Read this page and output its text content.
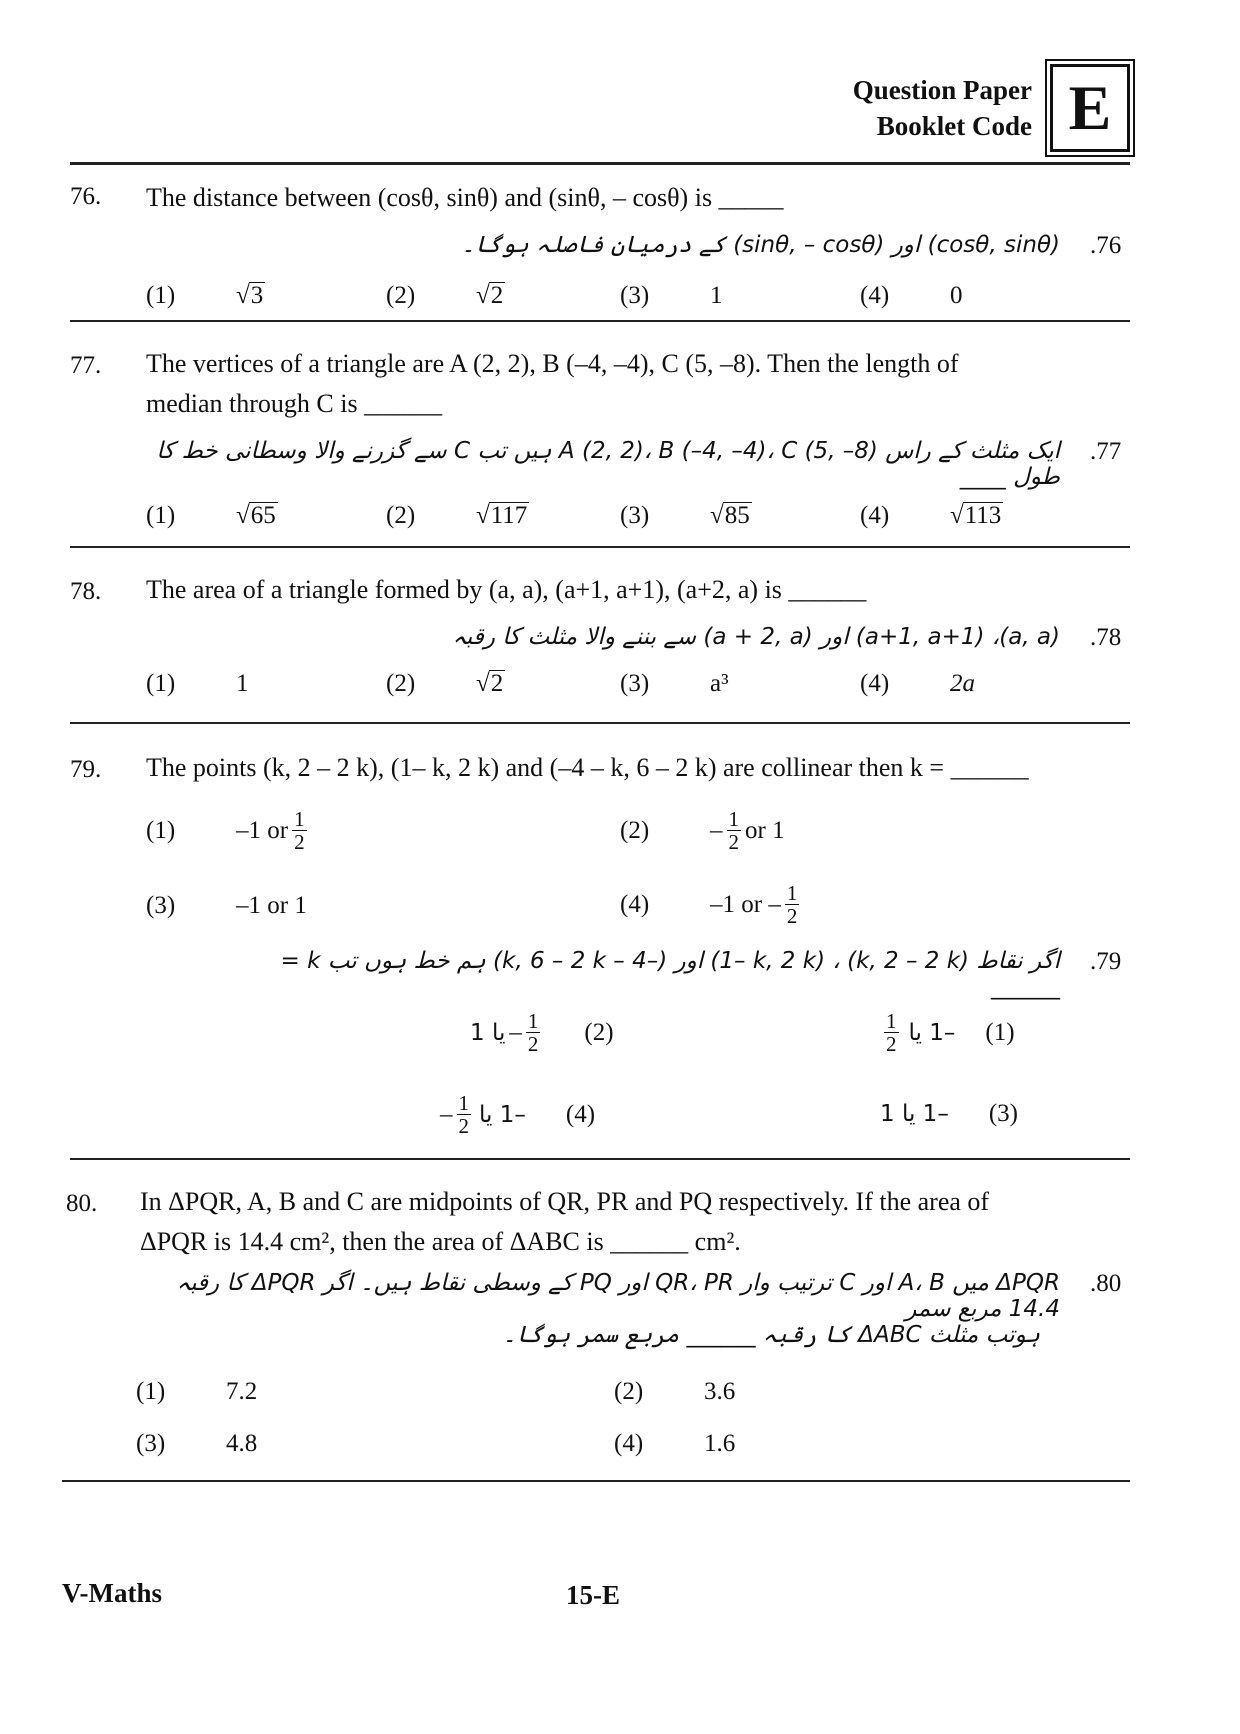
Question Paper
Booklet Code E
76. The distance between (cosθ, sinθ) and (sinθ, – cosθ) is _____
(cosθ, sinθ) اور (sinθ, – cosθ) کے درمیان فاصلہ ہوگا۔ .76
(1)	√ 3	(2)	√ 2	(3)	1	(4)	0
77. The vertices of a triangle are A (2, 2), B (–4, –4), C (5, –8). Then the length of
median through C is ______
ایک مثلث کے راس A (2, 2)، B (–4, –4)، C (5, –8) ہیں تب C سے گزرنے والا وسطانی خط کا طول ____
.77
(1)	√ 65	(2)	√ 117	(3)	√ 85	(4)	√ 113
78. The area of a triangle formed by (a, a), (a+1, a+1), (a+2, a) is ______
(a, a)، (a+1, a+1) اور (a + 2, a) سے بننے والا مثلث کا رقبہ .78
(1)	1	(2)	√ 2	(3)	a³	(4)	2a
79. The points (k, 2 – 2 k), (1– k, 2 k) and (–4 – k, 6 – 2 k) are collinear then k = ______
(1)	–1 or $\frac{1}{2}$	(2)	– $\frac{1}{2}$ or 1
(3)	–1 or 1	(4)	–1 or – $\frac{1}{2}$
اگر نقاط (k, 2 – 2 k) ، (1– k, 2 k) اور (–4 – k, 6 – 2 k) ہم خط ہوں تب k = ______
.79
$\frac{1}{2} -1$ یا (1)
یا $1 - \frac{1}{2} (2)$
–1 یا 1 (3)
– $\frac{1}{2} -1$ یا (4)
80. In ΔPQR, A, B and C are midpoints of QR, PR and PQ respectively. If the area of
ΔPQR is 14.4 cm², then the area of ΔABC is ______ cm².
ΔPQR میں A، B اور C ترتیب وار QR، PR اور PQ کے وسطی نقاط ہیں۔ اگر ΔPQR کا رقبہ 14.4 مربع سمر
.80
ہوتب مثلث ΔABC کا رقبہ ______ مربع سمر ہوگا۔
(1)	7.2	(2)	3.6
(3)	4.8	(4)	1.6
V-Maths	15-E
